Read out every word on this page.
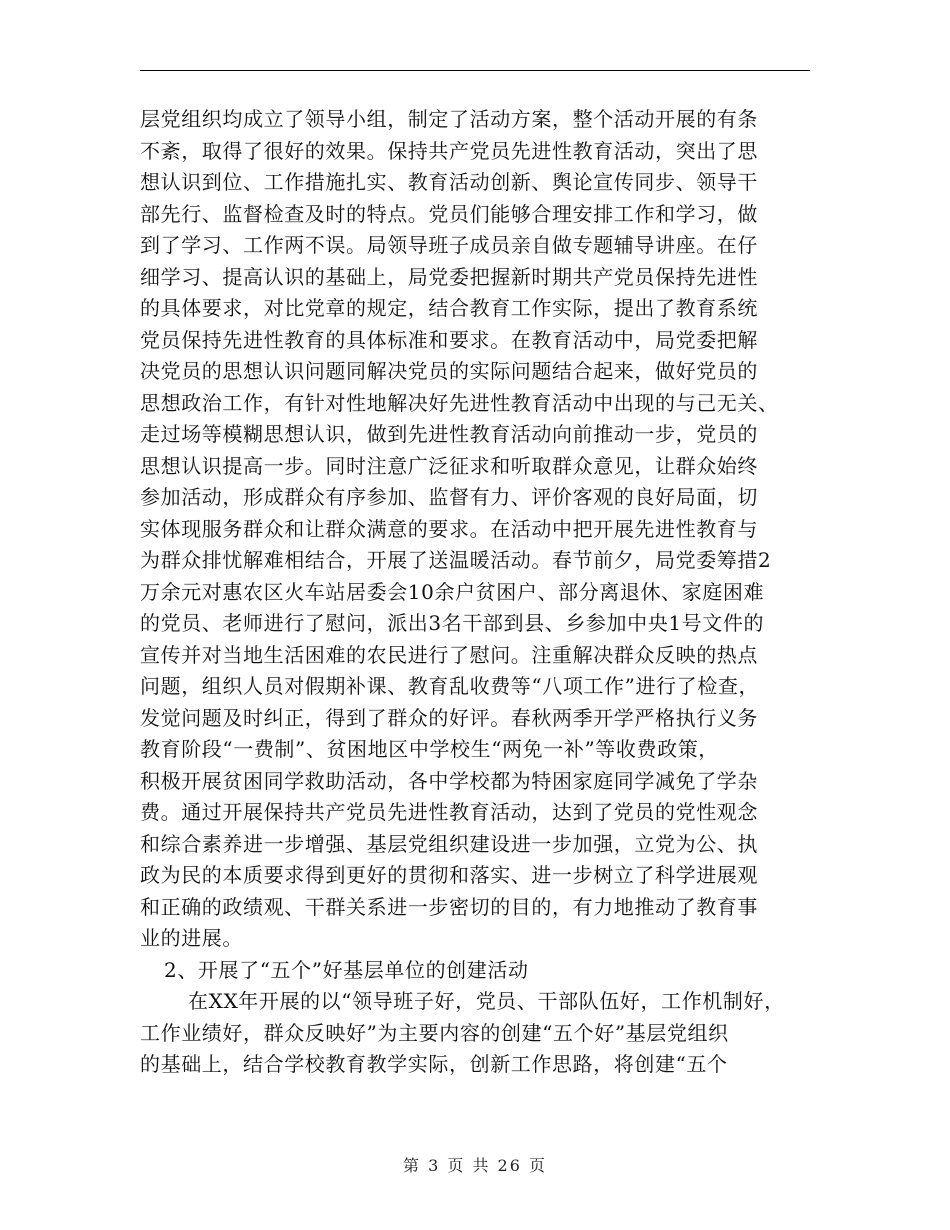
层党组织均成立了领导小组，制定了活动方案，整个活动开展的有条
不紊，取得了很好的效果。保持共产党员先进性教育活动，突出了思
想认识到位、工作措施扎实、教育活动创新、舆论宣传同步、领导干
部先行、监督检查及时的特点。党员们能够合理安排工作和学习，做
到了学习、工作两不误。局领导班子成员亲自做专题辅导讲座。在仔
细学习、提高认识的基础上，局党委把握新时期共产党员保持先进性
的具体要求，对比党章的规定，结合教育工作实际，提出了教育系统
党员保持先进性教育的具体标准和要求。在教育活动中，局党委把解
决党员的思想认识问题同解决党员的实际问题结合起来，做好党员的
思想政治工作，有针对性地解决好先进性教育活动中出现的与己无关、
走过场等模糊思想认识，做到先进性教育活动向前推动一步，党员的
思想认识提高一步。同时注意广泛征求和听取群众意见，让群众始终
参加活动，形成群众有序参加、监督有力、评价客观的良好局面，切
实体现服务群众和让群众满意的要求。在活动中把开展先进性教育与
为群众排忧解难相结合，开展了送温暖活动。春节前夕，局党委筹措2
万余元对惠农区火车站居委会10余户贫困户、部分离退休、家庭困难
的党员、老师进行了慰问，派出3名干部到县、乡参加中央1号文件的
宣传并对当地生活困难的农民进行了慰问。注重解决群众反映的热点
问题，组织人员对假期补课、教育乱收费等“八项工作”进行了检查，
发觉问题及时纠正，得到了群众的好评。春秋两季开学严格执行义务
教育阶段“一费制”、贫困地区中学校生“两免一补”等收费政策，
积极开展贫困同学救助活动，各中学校都为特困家庭同学减免了学杂
费。通过开展保持共产党员先进性教育活动，达到了党员的党性观念
和综合素养进一步增强、基层党组织建设进一步加强，立党为公、执
政为民的本质要求得到更好的贯彻和落实、进一步树立了科学进展观
和正确的政绩观、干群关系进一步密切的目的，有力地推动了教育事
业的进展。
2、开展了“五个”好基层单位的创建活动
在XX年开展的以“领导班子好，党员、干部队伍好，工作机制好，
工作业绩好，群众反映好”为主要内容的创建“五个好”基层党组织
的基础上，结合学校教育教学实际，创新工作思路，将创建“五个
第 3 页 共 26 页
